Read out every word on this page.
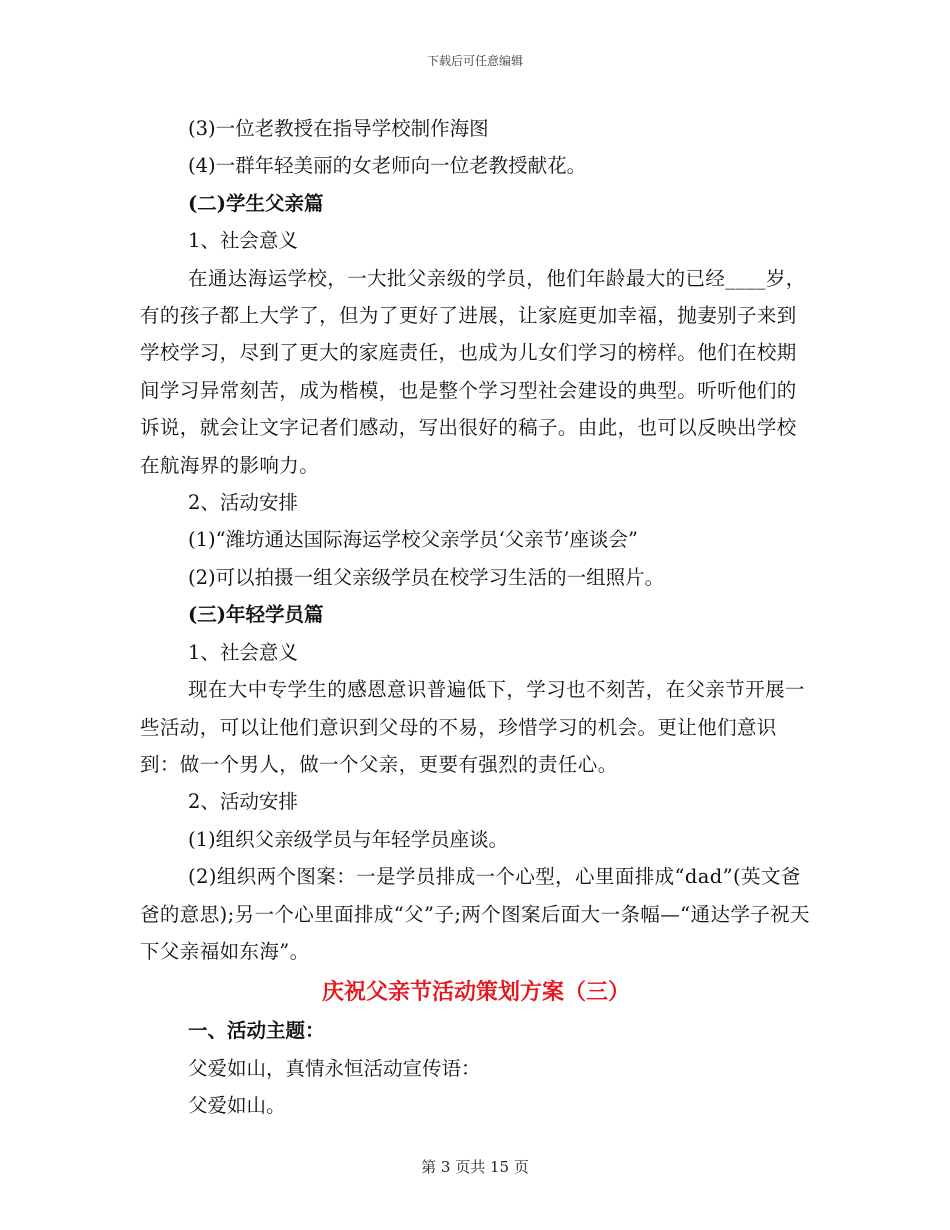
下载后可任意编辑
(3)一位老教授在指导学校制作海图
(4)一群年轻美丽的女老师向一位老教授献花。
(二)学生父亲篇
1、社会意义
在通达海运学校，一大批父亲级的学员，他们年龄最大的已经____岁，有的孩子都上大学了，但为了更好了进展，让家庭更加幸福，抛妻别子来到学校学习，尽到了更大的家庭责任，也成为儿女们学习的榜样。他们在校期间学习异常刻苦，成为楷模，也是整个学习型社会建设的典型。听听他们的诉说，就会让文字记者们感动，写出很好的稿子。由此，也可以反映出学校在航海界的影响力。
2、活动安排
(1)“潍坊通达国际海运学校父亲学员‘父亲节’座谈会”
(2)可以拍摄一组父亲级学员在校学习生活的一组照片。
(三)年轻学员篇
1、社会意义
现在大中专学生的感恩意识普遍低下，学习也不刻苦，在父亲节开展一些活动，可以让他们意识到父母的不易，珍惜学习的机会。更让他们意识到：做一个男人，做一个父亲，更要有强烈的责任心。
2、活动安排
(1)组织父亲级学员与年轻学员座谈。
(2)组织两个图案：一是学员排成一个心型，心里面排成“dad”(英文爸爸的意思);另一个心里面排成“父”子;两个图案后面大一条幅—“通达学子祝天下父亲福如东海”。
庆祝父亲节活动策划方案（三）
一、活动主题：
父爱如山，真情永恒活动宣传语：
父爱如山。
第 3 页共 15 页
